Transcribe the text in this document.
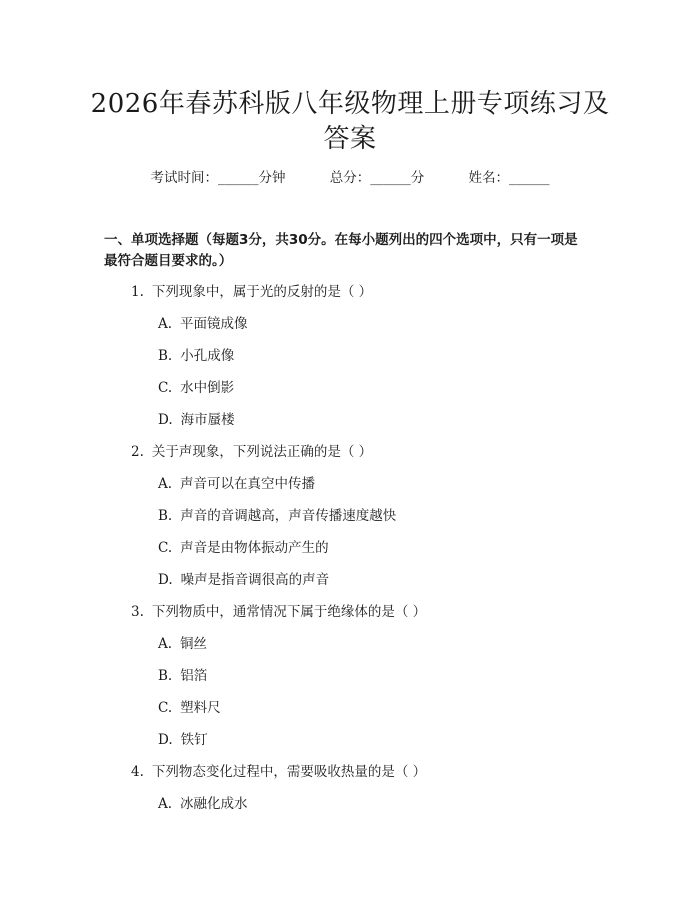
2026年春苏科版八年级物理上册专项练习及
答案
考试时间：______分钟	总分：______分	姓名：______
一、单项选择题（每题3分，共30分。在每小题列出的四个选项中，只有一项是
最符合题目要求的。）
1. 下列现象中，属于光的反射的是（ ）
A. 平面镜成像
B. 小孔成像
C. 水中倒影
D. 海市蜃楼
2. 关于声现象，下列说法正确的是（ ）
A. 声音可以在真空中传播
B. 声音的音调越高，声音传播速度越快
C. 声音是由物体振动产生的
D. 噪声是指音调很高的声音
3. 下列物质中，通常情况下属于绝缘体的是（ ）
A. 铜丝
B. 铝箔
C. 塑料尺
D. 铁钉
4. 下列物态变化过程中，需要吸收热量的是（ ）
A. 冰融化成水
